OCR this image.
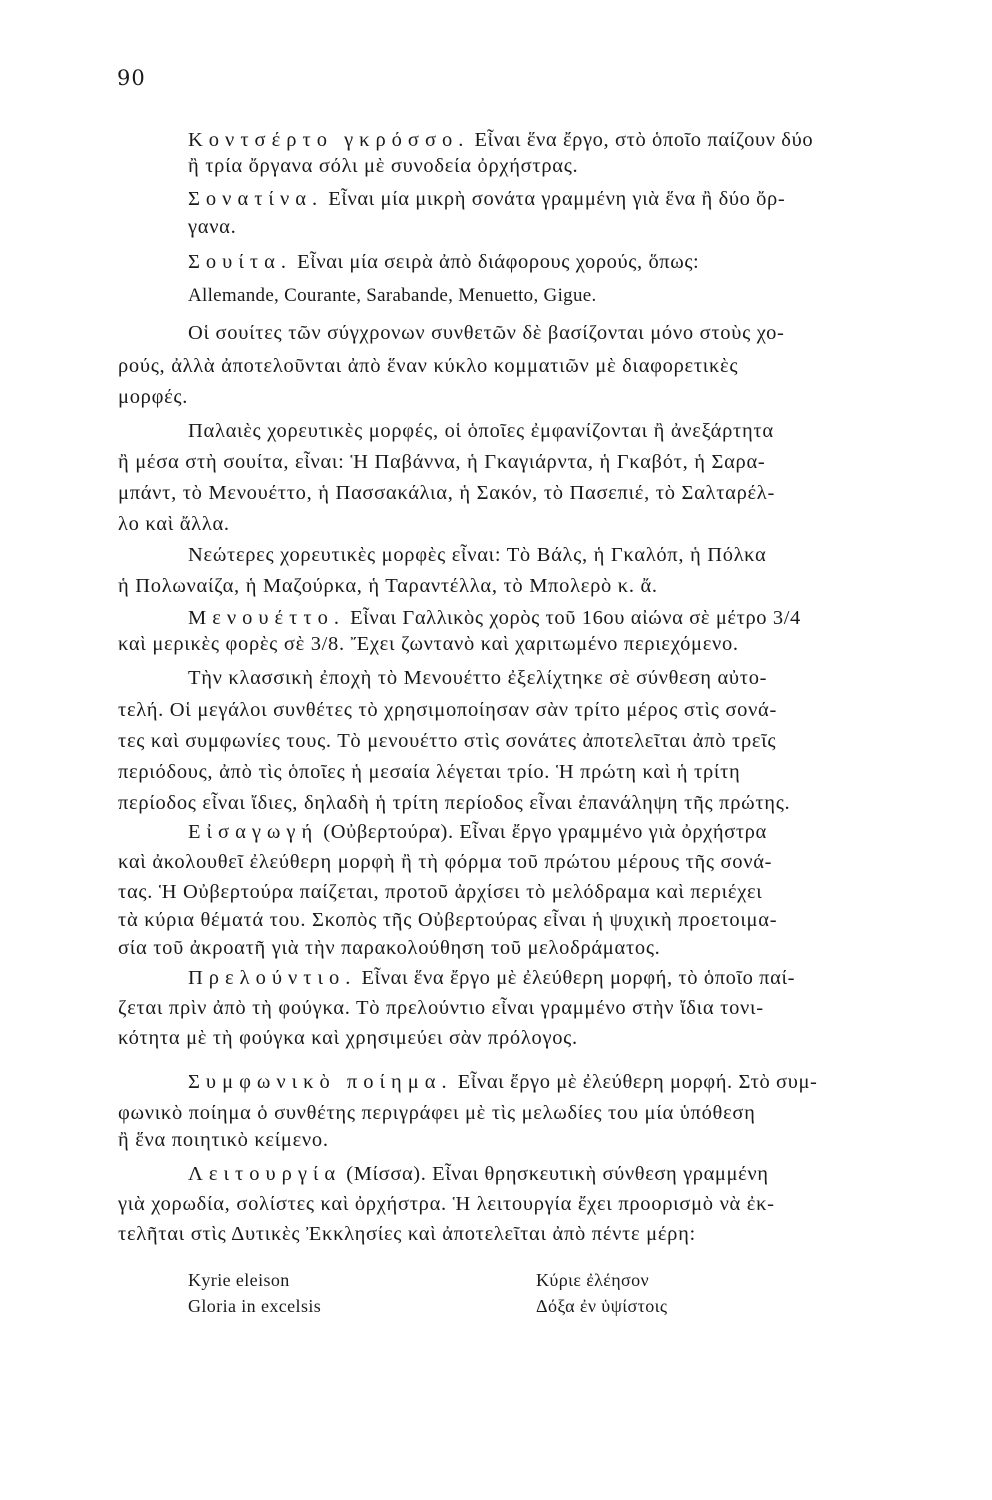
90
Κοντσέρτο γκρόσσο. Εἶναι ἕνα ἔργο, στὸ ὁποῖο παίζουν δύο
ἢ τρία ὄργανα σόλι μὲ συνοδεία ὀρχήστρας.
Σονατίνα. Εἶναι μία μικρὴ σονάτα γραμμένη γιὰ ἕνα ἢ δύο ὄρ-
γανα.
Σουίτα. Εἶναι μία σειρὰ ἀπὸ διάφορους χορούς, ὅπως:
Allemande, Courante, Sarabande, Menuetto, Gigue.
Οἱ σουίτες τῶν σύγχρονων συνθετῶν δὲ βασίζονται μόνο στοὺς χο-
ρούς, ἀλλὰ ἀποτελοῦνται ἀπὸ ἕναν κύκλο κομματιῶν μὲ διαφορετικὲς
μορφές.
Παλαιὲς χορευτικὲς μορφές, οἱ ὁποῖες ἐμφανίζονται ἢ ἀνεξάρτητα
ἢ μέσα στὴ σουίτα, εἶναι: Ἡ Παβάννα, ἡ Γκαγιάρντα, ἡ Γκαβότ, ἡ Σαρα-
μπάντ, τὸ Μενουέττο, ἡ Πασσακάλια, ἡ Σακόν, τὸ Πασεπιέ, τὸ Σαλταρέλ-
λο καὶ ἄλλα.
Νεώτερες χορευτικὲς μορφὲς εἶναι: Τὸ Βάλς, ἡ Γκαλόπ, ἡ Πόλκα
ἡ Πολωναίζα, ἡ Μαζούρκα, ἡ Ταραντέλλα, τὸ Μπολερὸ κ. ἄ.
Μενουέττο. Εἶναι Γαλλικὸς χορὸς τοῦ 16ου αἰώνα σὲ μέτρο 3/4
καὶ μερικὲς φορὲς σὲ 3/8. Ἔχει ζωντανὸ καὶ χαριτωμένο περιεχόμενο.
Τὴν κλασσικὴ ἐποχὴ τὸ Μενουέττο ἐξελίχτηκε σὲ σύνθεση αὐτο-
τελή. Οἱ μεγάλοι συνθέτες τὸ χρησιμοποίησαν σὰν τρίτο μέρος στὶς σονά-
τες καὶ συμφωνίες τους. Τὸ μενουέττο στὶς σονάτες ἀποτελεῖται ἀπὸ τρεῖς
περιόδους, ἀπὸ τὶς ὁποῖες ἡ μεσαία λέγεται τρίο. Ἡ πρώτη καὶ ἡ τρίτη
περίοδος εἶναι ἴδιες, δηλαδὴ ἡ τρίτη περίοδος εἶναι ἐπανάληψη τῆς πρώτης.
Εἰσαγωγή (Οὐβερτούρα). Εἶναι ἔργο γραμμένο γιὰ ὀρχήστρα
καὶ ἀκολουθεῖ ἐλεύθερη μορφὴ ἢ τὴ φόρμα τοῦ πρώτου μέρους τῆς σονά-
τας. Ἡ Οὐβερτούρα παίζεται, προτοῦ ἀρχίσει τὸ μελόδραμα καὶ περιέχει
τὰ κύρια θέματά του. Σκοπὸς τῆς Οὐβερτούρας εἶναι ἡ ψυχικὴ προετοιμα-
σία τοῦ ἀκροατῆ γιὰ τὴν παρακολούθηση τοῦ μελοδράματος.
Πρελούντιο. Εἶναι ἕνα ἔργο μὲ ἐλεύθερη μορφή, τὸ ὁποῖο παί-
ζεται πρὶν ἀπὸ τὴ φούγκα. Τὸ πρελούντιο εἶναι γραμμένο στὴν ἴδια τονι-
κότητα μὲ τὴ φούγκα καὶ χρησιμεύει σὰν πρόλογος.
Συμφωνικὸ ποίημα. Εἶναι ἔργο μὲ ἐλεύθερη μορφή. Στὸ συμ-
φωνικὸ ποίημα ὁ συνθέτης περιγράφει μὲ τὶς μελωδίες του μία ὑπόθεση
ἢ ἕνα ποιητικὸ κείμενο.
Λειτουργία (Μίσσα). Εἶναι θρησκευτικὴ σύνθεση γραμμένη
γιὰ χορωδία, σολίστες καὶ ὀρχήστρα. Ἡ λειτουργία ἔχει προορισμὸ νὰ ἐκ-
τελῆται στὶς Δυτικὲς Ἐκκλησίες καὶ ἀποτελεῖται ἀπὸ πέντε μέρη:
Kyrie eleison	Κύριε ἐλέησον
Gloria in excelsis	Δόξα ἐν ὑψίστοις
